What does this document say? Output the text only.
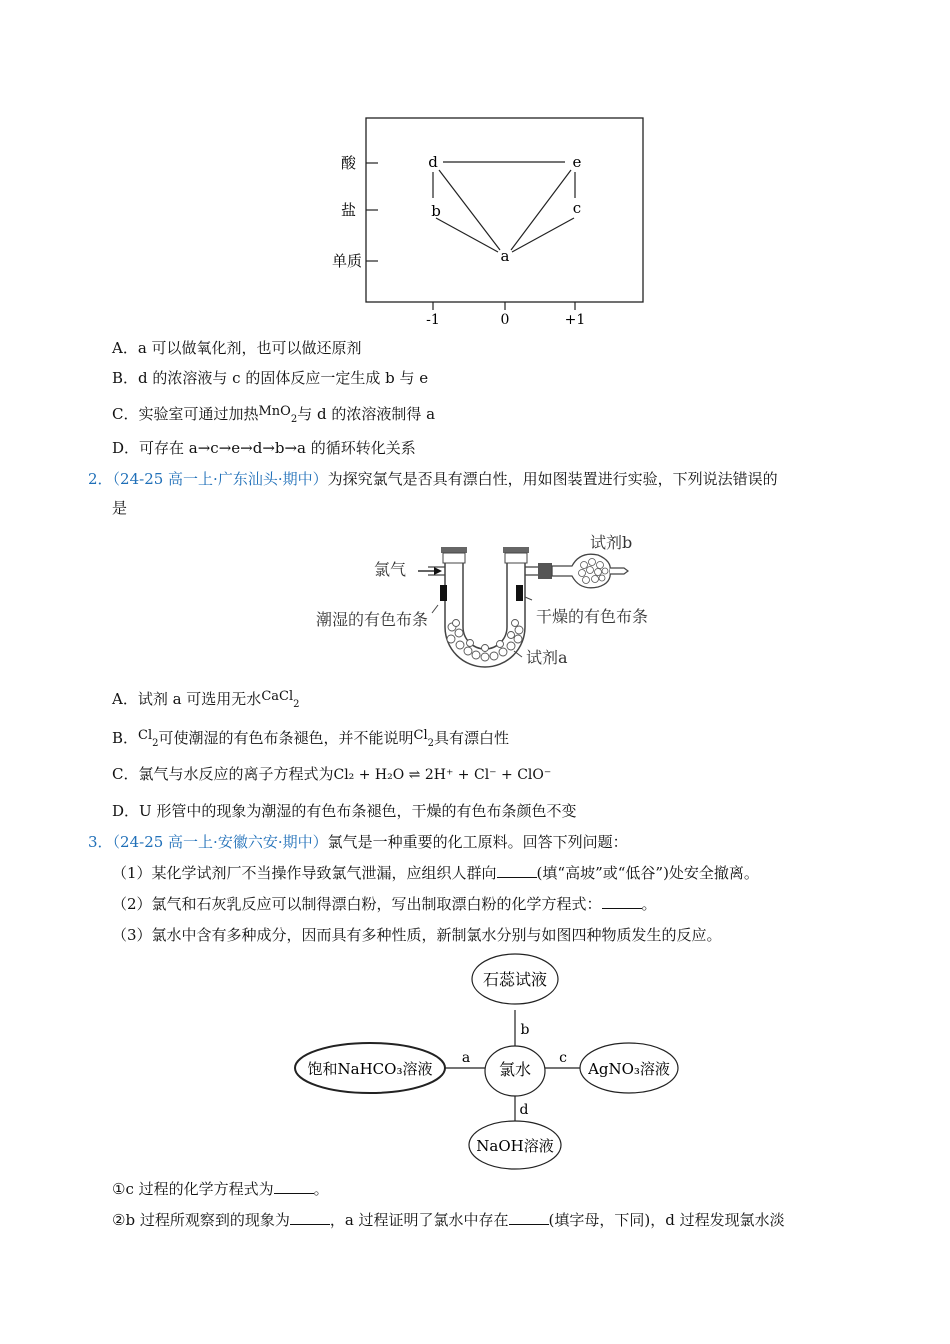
酸
盐
单质
-1	0	+1
d	e
b	c
a
A．a 可以做氧化剂，也可以做还原剂
B．d 的浓溶液与 c 的固体反应一定生成 b 与 e
C．实验室可通过加热MnO$_2$与 d 的浓溶液制得 a
D．可存在 a→c→e→d→b→a 的循环转化关系
2．（24-25 高一上·广东汕头·期中）为探究氯气是否具有漂白性，用如图装置进行实验，下列说法错误的
是
氯气
试剂b
潮湿的有色布条	干燥的有色布条
试剂a
A．试剂 a 可选用无水CaCl$_2$
B．$Cl_2$可使潮湿的有色布条褪色，并不能说明$Cl_2$具有漂白性
C．氯气与水反应的离子方程式为Cl₂ + H₂O ⇌ 2H⁺ + Cl⁻ + ClO⁻
D．U 形管中的现象为潮湿的有色布条褪色，干燥的有色布条颜色不变
3．（24-25 高一上·安徽六安·期中）氯气是一种重要的化工原料。回答下列问题：
（1）某化学试剂厂不当操作导致氯气泄漏，应组织人群向	(填“高坡”或“低谷”)处安全撤离。
（2）氯气和石灰乳反应可以制得漂白粉，写出制取漂白粉的化学方程式：	。
（3）氯水中含有多种成分，因而具有多种性质，新制氯水分别与如图四种物质发生的反应。
石蕊试液
氯水
饱和NaHCO₃溶液	AgNO₃溶液
NaOH溶液
a
b
c
d
①c 过程的化学方程式为	。
②b 过程所观察到的现象为	，a 过程证明了氯水中存在	(填字母，下同)，d 过程发现氯水淡
